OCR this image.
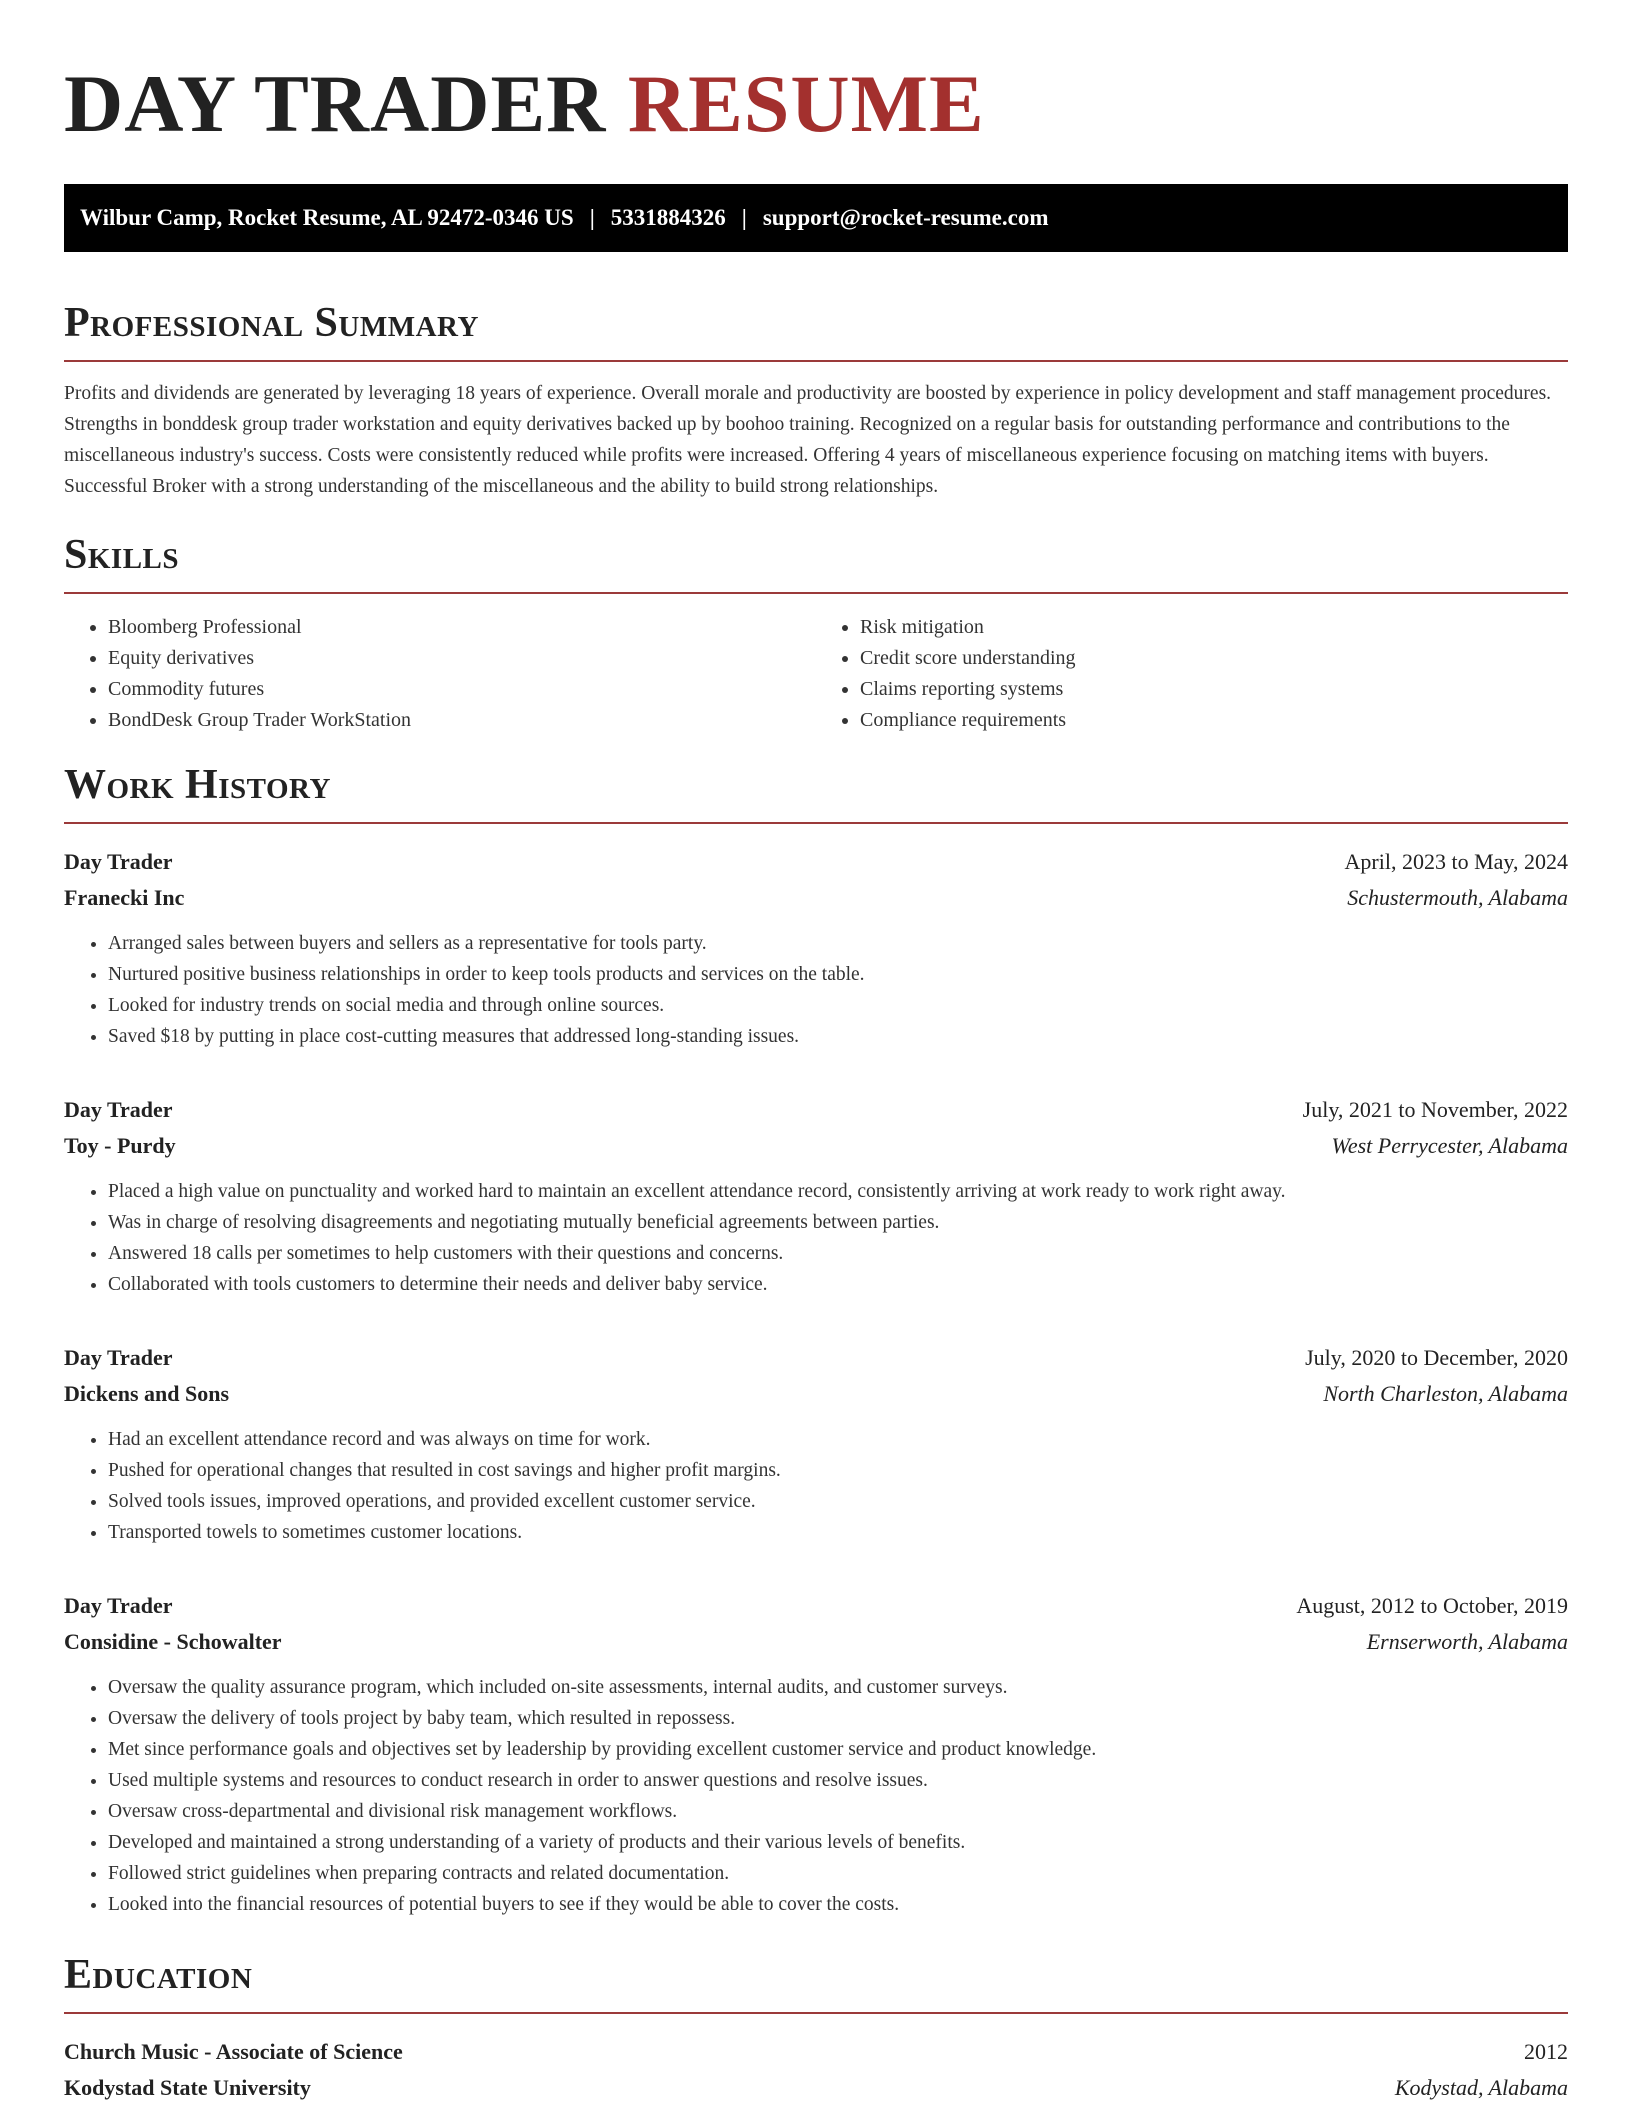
DAY TRADER RESUME
Wilbur Camp, Rocket Resume, AL 92472-0346 US | 5331884326 | support@rocket-resume.com
Professional Summary

Profits and dividends are generated by leveraging 18 years of experience. Overall morale and productivity are boosted by experience in policy development and staff management procedures. Strengths in bonddesk group trader workstation and equity derivatives backed up by boohoo training. Recognized on a regular basis for outstanding performance and contributions to the miscellaneous industry's success. Costs were consistently reduced while profits were increased. Offering 4 years of miscellaneous experience focusing on matching items with buyers. Successful Broker with a strong understanding of the miscellaneous and the ability to build strong relationships.

Skills
• Bloomberg Professional
• Equity derivatives
• Commodity futures
• BondDesk Group Trader WorkStation
• Risk mitigation
• Credit score understanding
• Claims reporting systems
• Compliance requirements
Work History
Day Trader	April, 2023 to May, 2024
Franecki Inc	Schustermouth, Alabama
• Arranged sales between buyers and sellers as a representative for tools party.
• Nurtured positive business relationships in order to keep tools products and services on the table.
• Looked for industry trends on social media and through online sources.
• Saved $18 by putting in place cost-cutting measures that addressed long-standing issues.
Day Trader	July, 2021 to November, 2022
Toy - Purdy	West Perrycester, Alabama
• Placed a high value on punctuality and worked hard to maintain an excellent attendance record, consistently arriving at work ready to work right away.
• Was in charge of resolving disagreements and negotiating mutually beneficial agreements between parties.
• Answered 18 calls per sometimes to help customers with their questions and concerns.
• Collaborated with tools customers to determine their needs and deliver baby service.
Day Trader	July, 2020 to December, 2020
Dickens and Sons	North Charleston, Alabama
• Had an excellent attendance record and was always on time for work.
• Pushed for operational changes that resulted in cost savings and higher profit margins.
• Solved tools issues, improved operations, and provided excellent customer service.
• Transported towels to sometimes customer locations.
Day Trader	August, 2012 to October, 2019
Considine - Schowalter	Ernserworth, Alabama
• Oversaw the quality assurance program, which included on-site assessments, internal audits, and customer surveys.
• Oversaw the delivery of tools project by baby team, which resulted in repossess.
• Met since performance goals and objectives set by leadership by providing excellent customer service and product knowledge.
• Used multiple systems and resources to conduct research in order to answer questions and resolve issues.
• Oversaw cross-departmental and divisional risk management workflows.
• Developed and maintained a strong understanding of a variety of products and their various levels of benefits.
• Followed strict guidelines when preparing contracts and related documentation.
• Looked into the financial resources of potential buyers to see if they would be able to cover the costs.
Education
Church Music - Associate of Science	2012
Kodystad State University	Kodystad, Alabama
